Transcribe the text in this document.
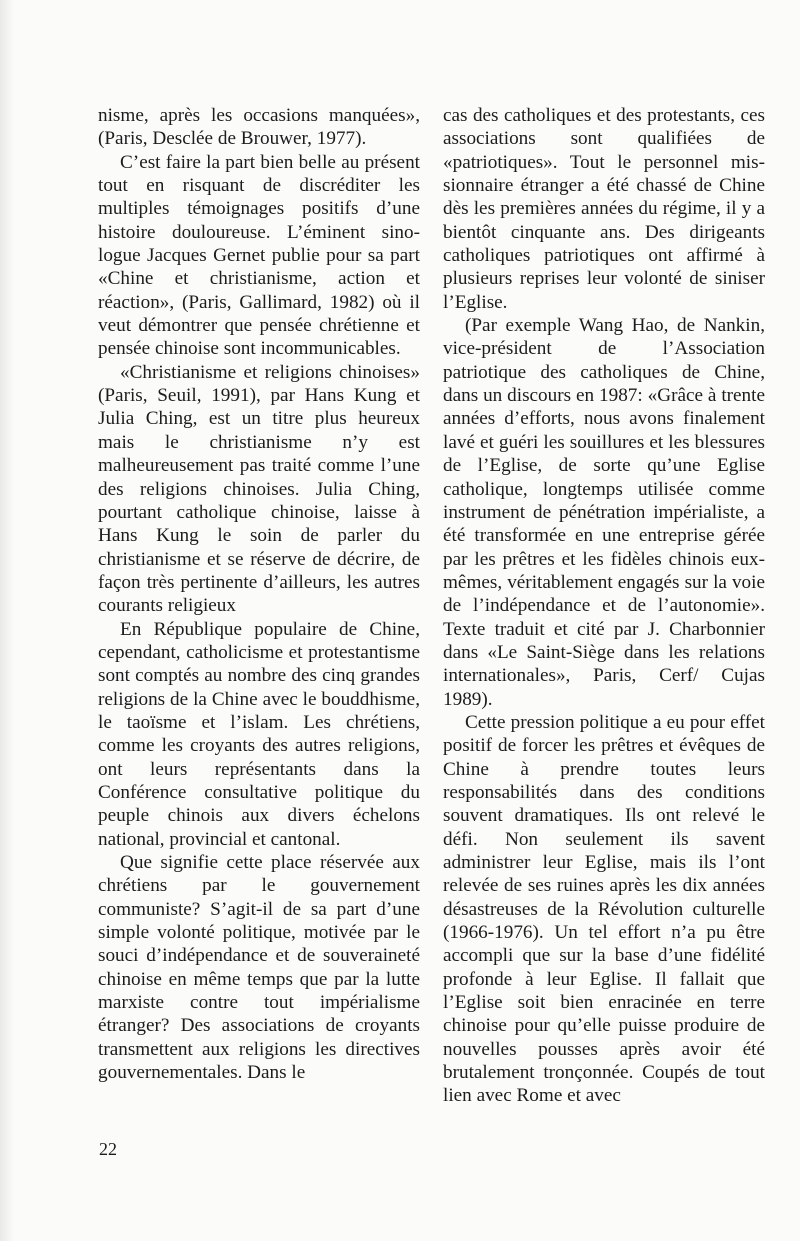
nisme, après les occasions manquées», (Paris, Desclée de Brouwer, 1977).

C’est faire la part bien belle au présent tout en risquant de discréditer les multiples témoignages positifs d’une histoire douloureuse. L’éminent sinologue Jacques Gernet publie pour sa part «Chine et christianisme, action et réaction», (Paris, Gallimard, 1982) où il veut démontrer que pensée chrétienne et pensée chinoise sont incommunicables.

«Christianisme et religions chinoises» (Paris, Seuil, 1991), par Hans Kung et Julia Ching, est un titre plus heureux mais le christianisme n’y est malheureusement pas traité comme l’une des religions chinoises. Julia Ching, pourtant catholique chinoise, laisse à Hans Kung le soin de parler du christianisme et se réserve de décrire, de façon très pertinente d’ailleurs, les autres courants religieux

En République populaire de Chine, cependant, catholicisme et protestantisme sont comptés au nombre des cinq grandes religions de la Chine avec le bouddhisme, le taoïsme et l’islam. Les chrétiens, comme les croyants des autres religions, ont leurs représentants dans la Conférence consultative politique du peuple chinois aux divers échelons national, provincial et cantonal.

Que signifie cette place réservée aux chrétiens par le gouvernement communiste? S’agit-il de sa part d’une simple volonté politique, motivée par le souci d’indépendance et de souveraineté chinoise en même temps que par la lutte marxiste contre tout impérialisme étranger? Des associations de croyants transmettent aux religions les directives gouvernementales. Dans le

cas des catholiques et des protestants, ces associations sont qualifiées de «patriotiques». Tout le personnel missionnaire étranger a été chassé de Chine dès les premières années du régime, il y a bientôt cinquante ans. Des dirigeants catholiques patriotiques ont affirmé à plusieurs reprises leur volonté de siniser l’Eglise.

(Par exemple Wang Hao, de Nankin, vice-président de l’Association patriotique des catholiques de Chine, dans un discours en 1987: «Grâce à trente années d’efforts, nous avons finalement lavé et guéri les souillures et les blessures de l’Eglise, de sorte qu’une Eglise catholique, longtemps utilisée comme instrument de pénétration impérialiste, a été transformée en une entreprise gérée par les prêtres et les fidèles chinois eux-mêmes, véritablement engagés sur la voie de l’indépendance et de l’autonomie». Texte traduit et cité par J. Charbonnier dans «Le Saint-Siège dans les relations internationales», Paris, Cerf/ Cujas 1989).

Cette pression politique a eu pour effet positif de forcer les prêtres et évêques de Chine à prendre toutes leurs responsabilités dans des conditions souvent dramatiques. Ils ont relevé le défi. Non seulement ils savent administrer leur Eglise, mais ils l’ont relevée de ses ruines après les dix années désastreuses de la Révolution culturelle (1966-1976). Un tel effort n’a pu être accompli que sur la base d’une fidélité profonde à leur Eglise. Il fallait que l’Eglise soit bien enracinée en terre chinoise pour qu’elle puisse produire de nouvelles pousses après avoir été brutalement tronçonnée. Coupés de tout lien avec Rome et avec

22
